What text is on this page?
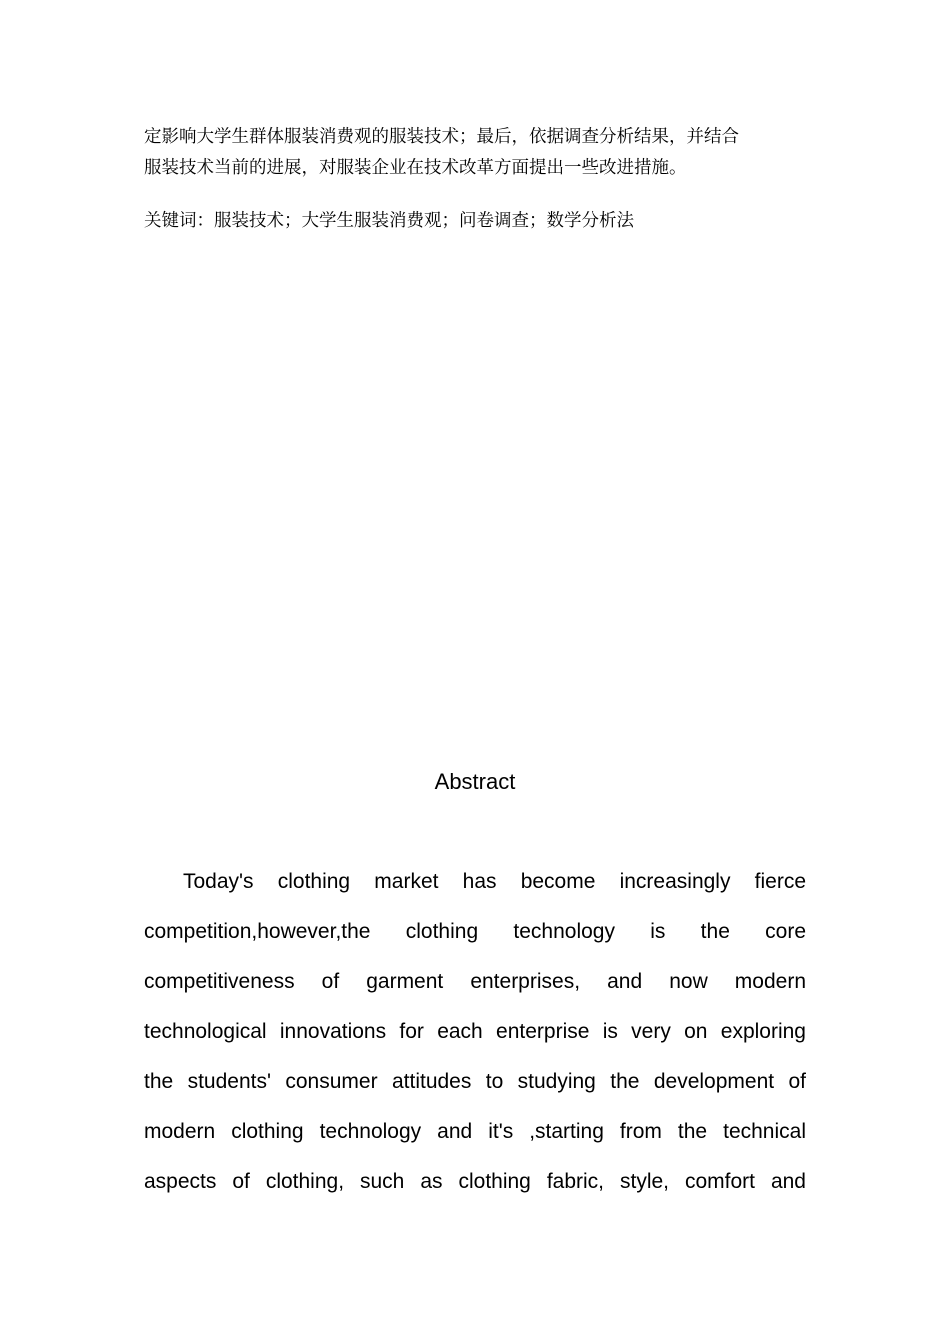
定影响大学生群体服装消费观的服装技术；最后，依据调查分析结果，并结合

服装技术当前的进展，对服装企业在技术改革方面提出一些改进措施。

关键词：服装技术；大学生服装消费观；问卷调查；数学分析法
Abstract
Today's clothing market has become increasingly fierce
competition,however,the clothing technology is the core
competitiveness of garment enterprises, and now modern
technological innovations for each enterprise is very on exploring
the students' consumer attitudes to studying the development of
modern clothing technology and it's ,starting from the technical
aspects of clothing, such as clothing fabric, style, comfort and
